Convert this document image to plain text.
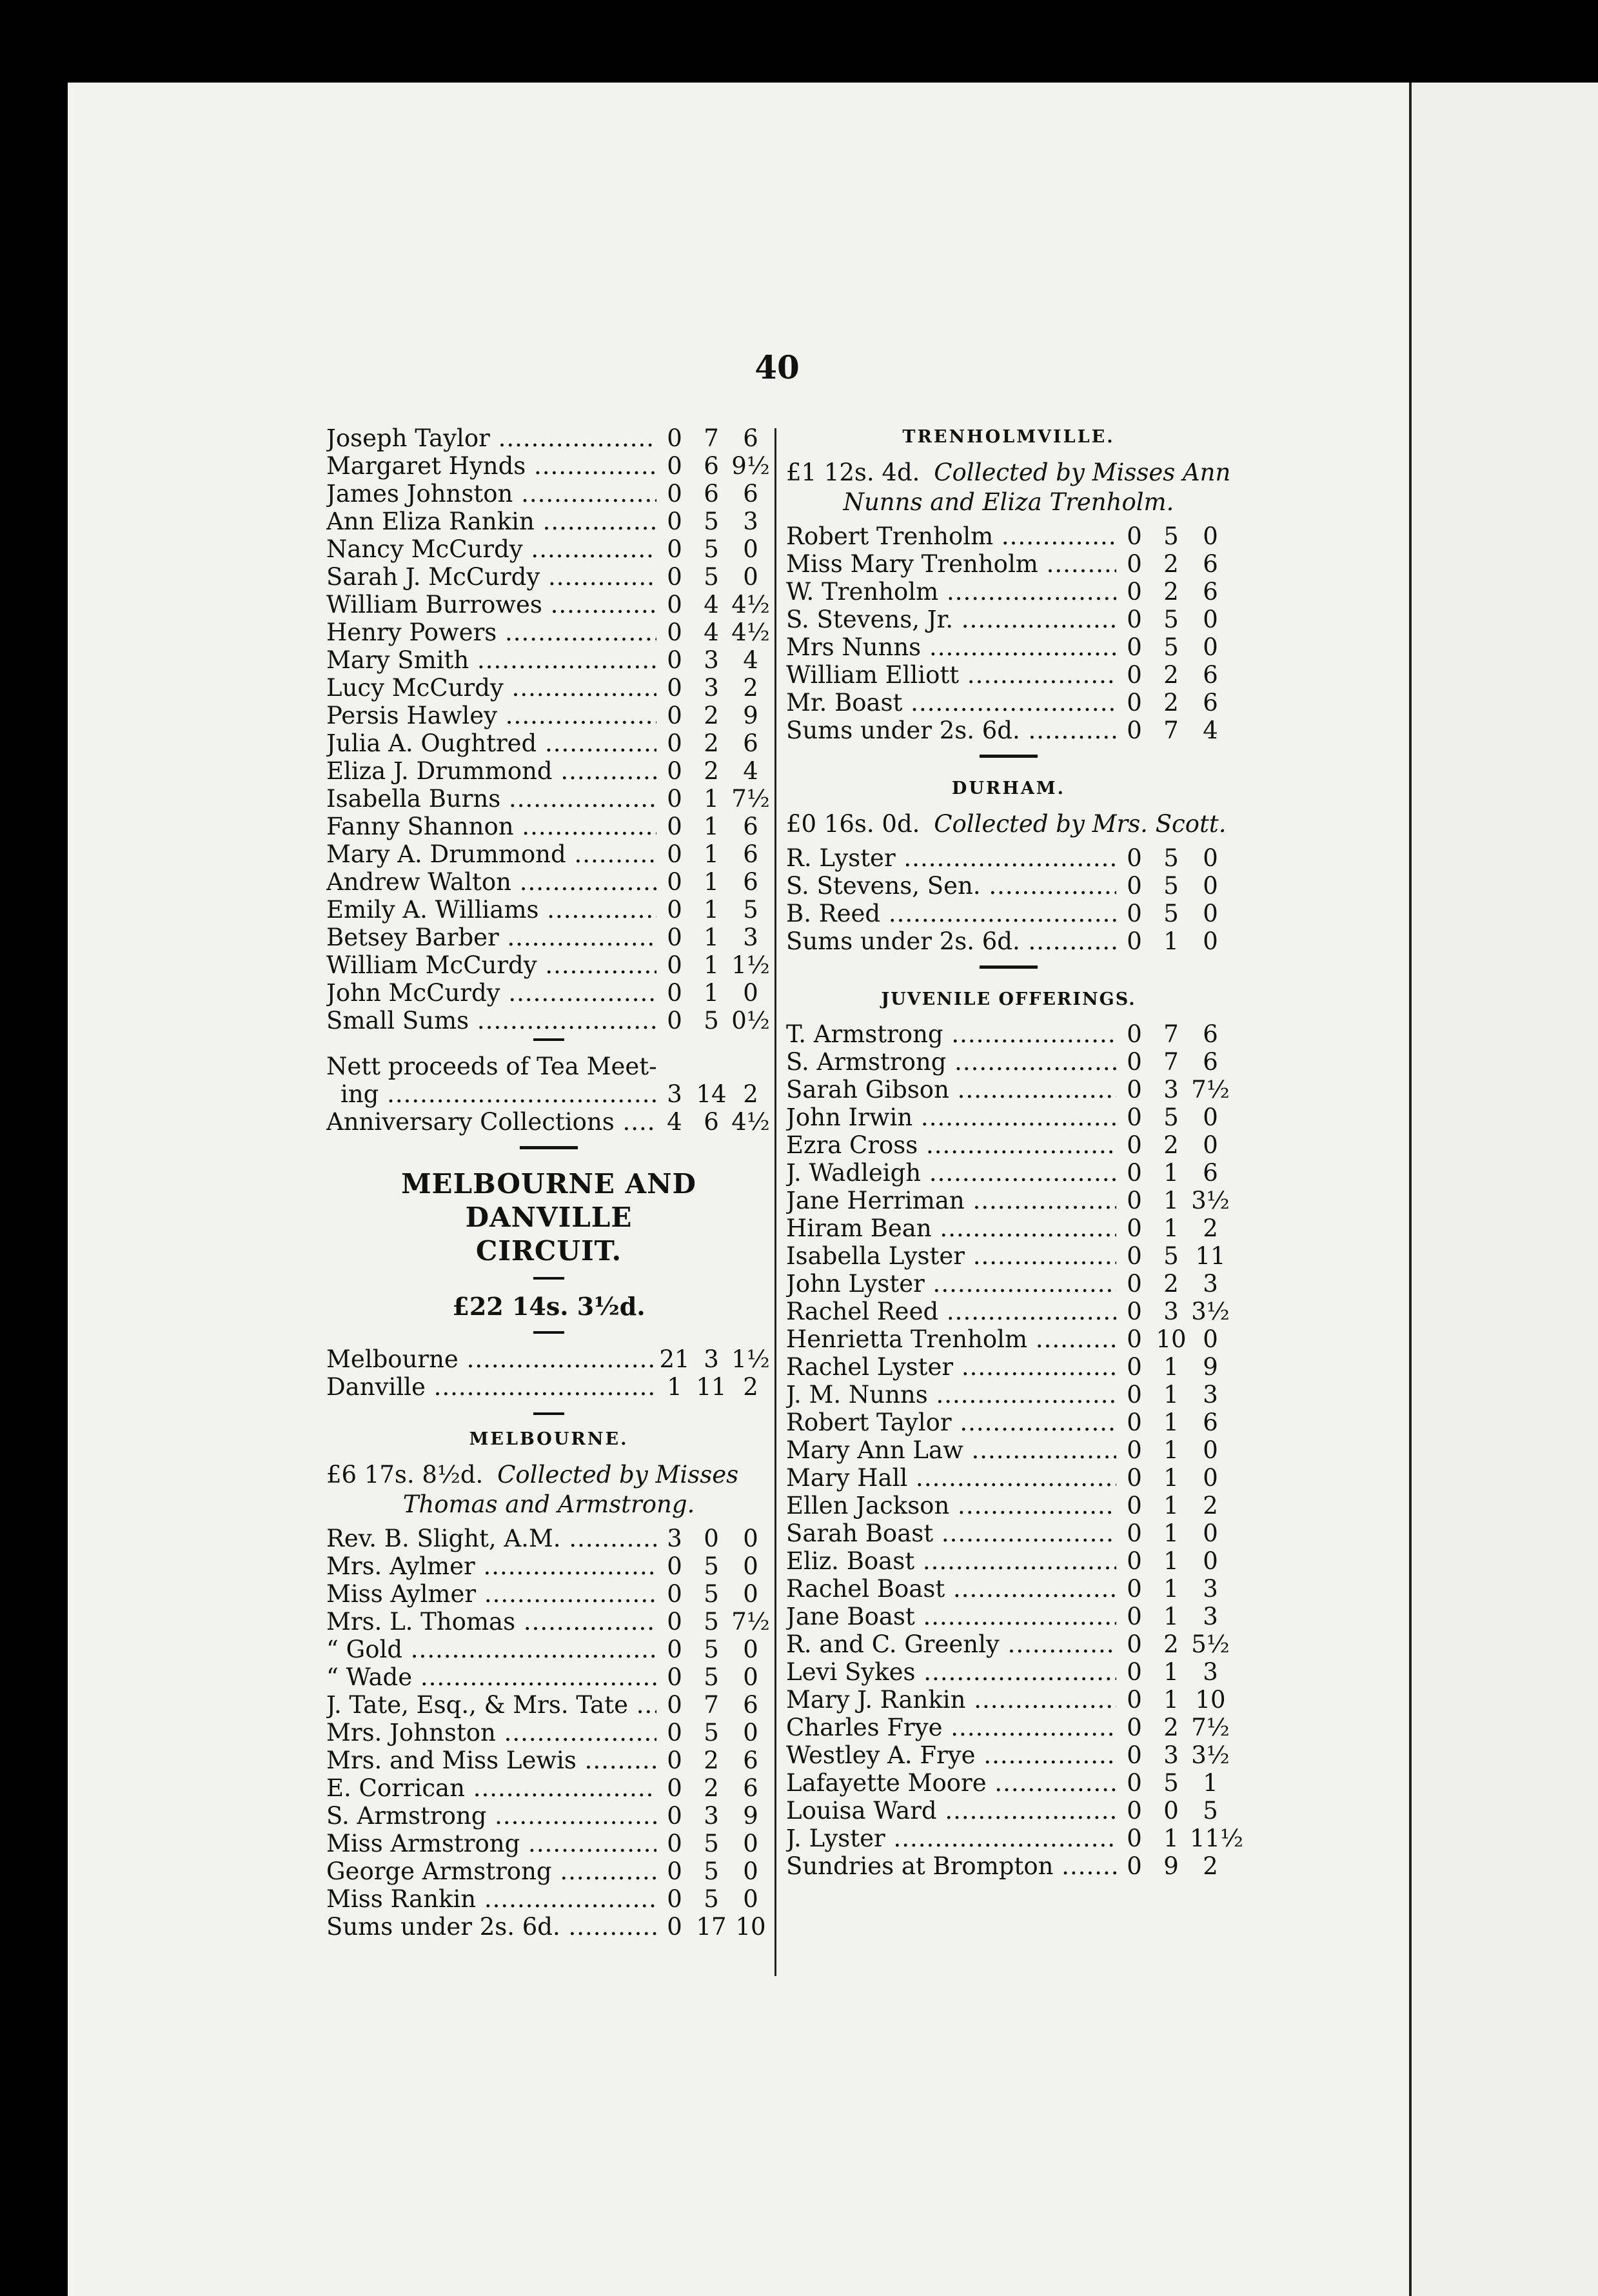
40
Joseph Taylor .....	0 7	6
Margaret Hynds .....	0 6 9½
James Johnston .....	0 6	6
Ann Eliza Rankin .....	0 5	3
Nancy McCurdy .....	0 5	0
Sarah J. McCurdy .....	0 5	0
William Burrowes .....	0 4 4½
Henry Powers .....	0 4 4½
Mary Smith .....	0 3	4
Lucy McCurdy .....	0 3	2
Persis Hawley .....	0 2	9
Julia A. Oughtred .....	0 2	6
Eliza J. Drummond .....	0 2	4
Isabella Burns .....	0 1 7½
Fanny Shannon .....	0 1	6
Mary A. Drummond .....	0 1	6
Andrew Walton .....	0 1	6
Emily A. Williams .....	0 1	5
Betsey Barber .....	0 1	3
William McCurdy .....	0 1 1½
John McCurdy .....	0 1	0
Small Sums .....	0 5 0½
Nett proceeds of Tea Meet-
ing .....	3 14 2
Anniversary Collections .....	4 6 4½
MELBOURNE AND DANVILLE
CIRCUIT.
£22 14s. 3½d.
Melbourne .....	21 3 1½
Danville .....	1 11 2
MELBOURNE.
£6 17s. 8½d. Collected by Misses
Thomas and Armstrong.
Rev. B. Slight, A.M. .....	3 0	0
Mrs. Aylmer .....	0 5	0
Miss Aylmer .....	0 5	0
Mrs. L. Thomas .....	0 5 7½
“ Gold .....	0 5	0
“ Wade .....	0 5	0
J. Tate, Esq., & Mrs. Tate .....	0 7	6
Mrs. Johnston .....	0 5	0
Mrs. and Miss Lewis .....	0 2	6
E. Corrican .....	0 2	6
S. Armstrong .....	0 3	9
Miss Armstrong .....	0 5	0
George Armstrong .....	0 5	0
Miss Rankin .....	0 5	0
Sums under 2s. 6d. .....	0 17 10
TRENHOLMVILLE.
£1 12s. 4d. Collected by Misses Ann
Nunns and Eliza Trenholm.
Robert Trenholm .....	0 5	0
Miss Mary Trenholm .....	0 2	6
W. Trenholm .....	0 2	6
S. Stevens, Jr. .....	0 5	0
Mrs Nunns .....	0 5	0
William Elliott .....	0 2	6
Mr. Boast .....	0 2	6
Sums under 2s. 6d. .....	0 7	4
DURHAM.
£0 16s. 0d. Collected by Mrs. Scott.
R. Lyster .....	0 5	0
S. Stevens, Sen. .....	0 5	0
B. Reed .....	0 5	0
Sums under 2s. 6d. .....	0 1	0
JUVENILE OFFERINGS.
T. Armstrong .....	0 7	6
S. Armstrong .....	0 7	6
Sarah Gibson .....	0 3 7½
John Irwin .....	0 5	0
Ezra Cross .....	0 2	0
J. Wadleigh .....	0 1	6
Jane Herriman .....	0 1 3½
Hiram Bean .....	0 1	2
Isabella Lyster .....	0 5 11
John Lyster .....	0 2	3
Rachel Reed .....	0 3 3½
Henrietta Trenholm .....	0 10 0
Rachel Lyster .....	0 1	9
J. M. Nunns .....	0 1	3
Robert Taylor .....	0 1	6
Mary Ann Law .....	0 1	0
Mary Hall .....	0 1	0
Ellen Jackson .....	0 1	2
Sarah Boast .....	0 1	0
Eliz. Boast .....	0 1	0
Rachel Boast .....	0 1	3
Jane Boast .....	0 1	3
R. and C. Greenly .....	0 2 5½
Levi Sykes .....	0 1	3
Mary J. Rankin .....	0 1 10
Charles Frye .....	0 2 7½
Westley A. Frye .....	0 3 3½
Lafayette Moore .....	0 5	1
Louisa Ward .....	0 0	5
J. Lyster .....	0 1 11½
Sundries at Brompton .....	0 9	2
